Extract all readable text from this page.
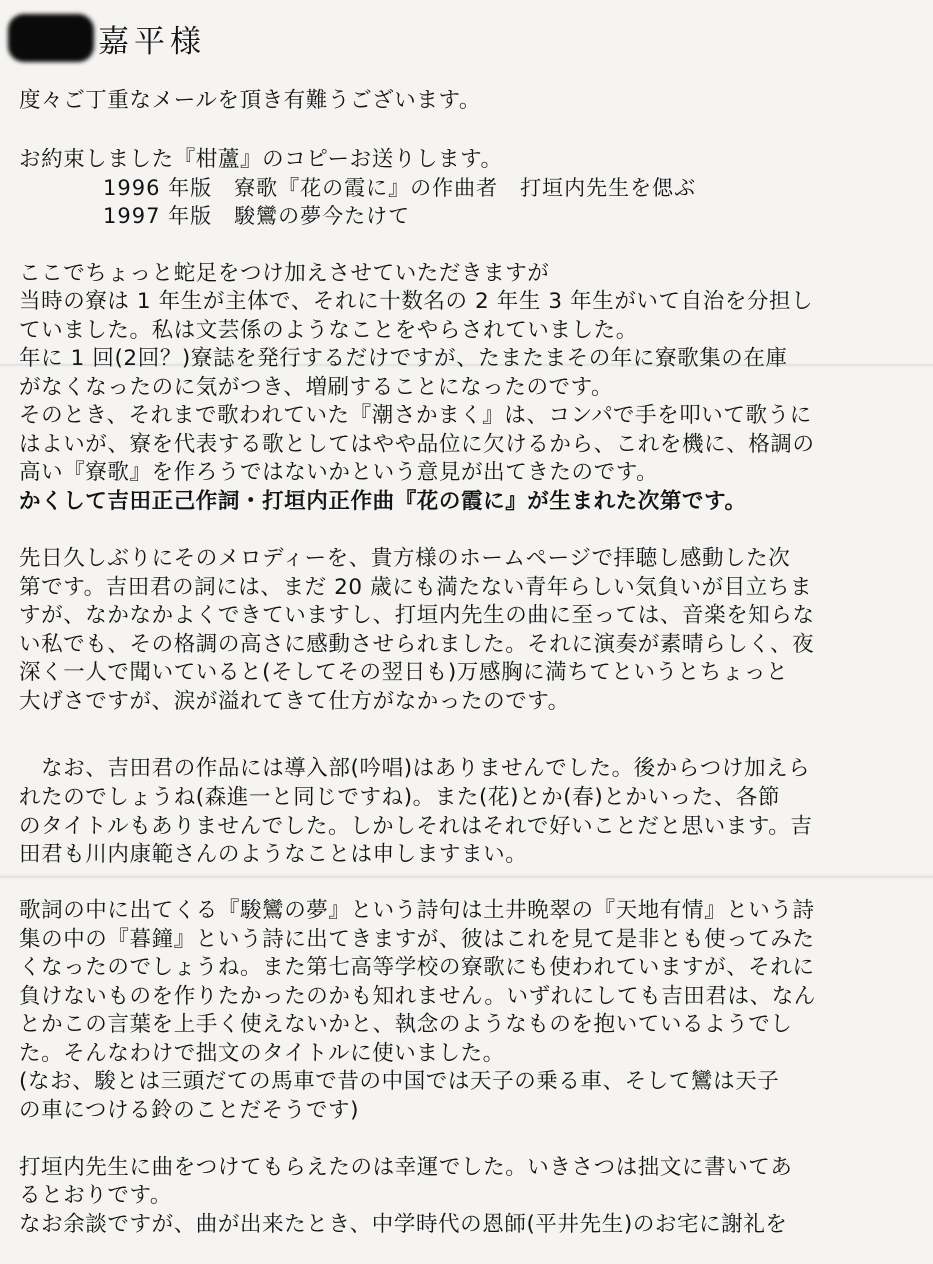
嘉平様
度々ご丁重なメールを頂き有難うございます。
お約束しました『柑蘆』のコピーお送りします。
1996 年版　寮歌『花の霞に』の作曲者　打垣内先生を偲ぶ
1997 年版　駿鸞の夢今たけて
ここでちょっと蛇足をつけ加えさせていただきますが
当時の寮は 1 年生が主体で、それに十数名の 2 年生 3 年生がいて自治を分担し
ていました。私は文芸係のようなことをやらされていました。
年に 1 回(2回？)寮誌を発行するだけですが、たまたまその年に寮歌集の在庫
がなくなったのに気がつき、増刷することになったのです。
そのとき、それまで歌われていた『潮さかまく』は、コンパで手を叩いて歌うに
はよいが、寮を代表する歌としてはやや品位に欠けるから、これを機に、格調の
高い『寮歌』を作ろうではないかという意見が出てきたのです。
かくして吉田正己作詞・打垣内正作曲『花の霞に』が生まれた次第です。
先日久しぶりにそのメロディーを、貴方様のホームページで拝聴し感動した次
第です。吉田君の詞には、まだ 20 歳にも満たない青年らしい気負いが目立ちま
すが、なかなかよくできていますし、打垣内先生の曲に至っては、音楽を知らな
い私でも、その格調の高さに感動させられました。それに演奏が素晴らしく、夜
深く一人で聞いていると(そしてその翌日も)万感胸に満ちてというとちょっと
大げさですが、涙が溢れてきて仕方がなかったのです。
　なお、吉田君の作品には導入部(吟唱)はありませんでした。後からつけ加えら
れたのでしょうね(森進一と同じですね)。また(花)とか(春)とかいった、各節
のタイトルもありませんでした。しかしそれはそれで好いことだと思います。吉
田君も川内康範さんのようなことは申しますまい。
歌詞の中に出てくる『駿鸞の夢』という詩句は土井晩翠の『天地有情』という詩
集の中の『暮鐘』という詩に出てきますが、彼はこれを見て是非とも使ってみた
くなったのでしょうね。また第七高等学校の寮歌にも使われていますが、それに
負けないものを作りたかったのかも知れません。いずれにしても吉田君は、なん
とかこの言葉を上手く使えないかと、執念のようなものを抱いているようでし
た。そんなわけで拙文のタイトルに使いました。
(なお、駿とは三頭だての馬車で昔の中国では天子の乗る車、そして鸞は天子
の車につける鈴のことだそうです)
打垣内先生に曲をつけてもらえたのは幸運でした。いきさつは拙文に書いてあ
るとおりです。
なお余談ですが、曲が出来たとき、中学時代の恩師(平井先生)のお宅に謝礼を
